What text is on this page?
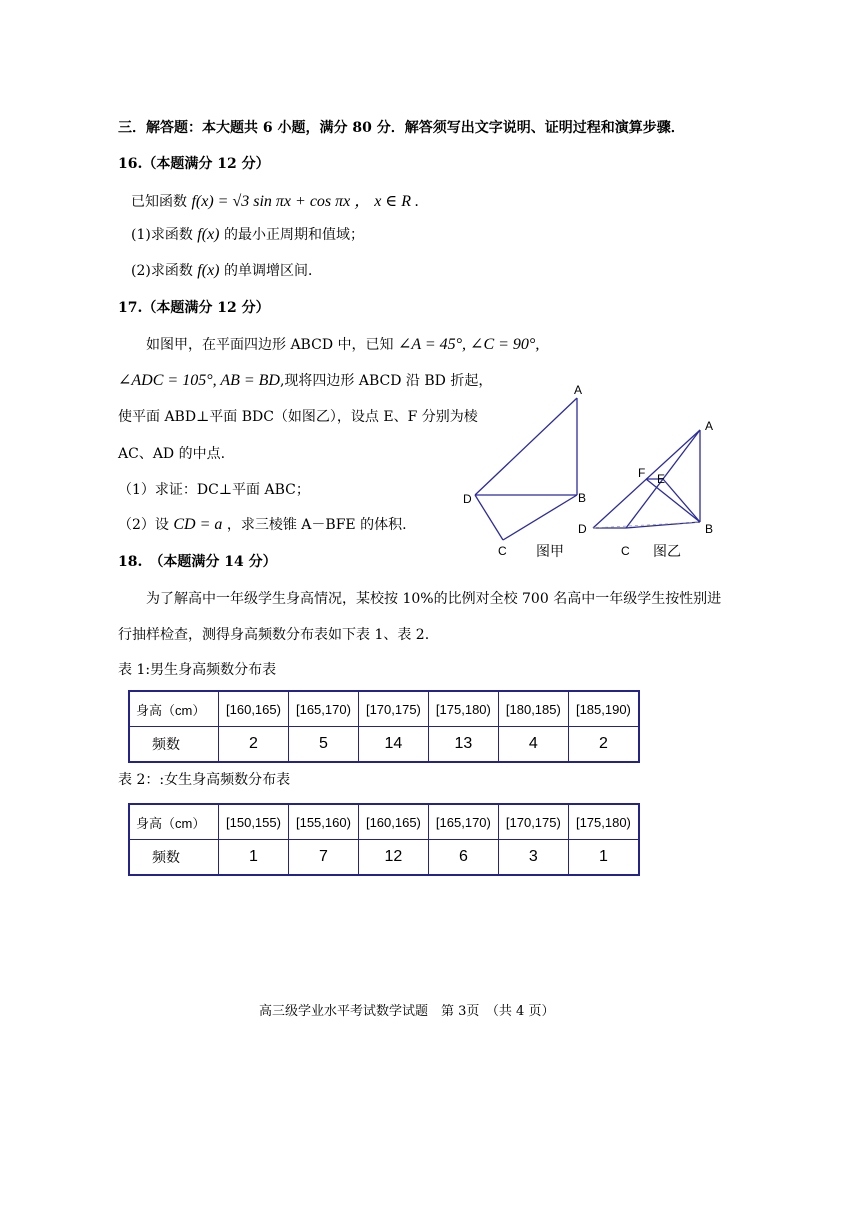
三．解答题：本大题共 6 小题，满分 80 分．解答须写出文字说明、证明过程和演算步骤．
16.（本题满分 12 分）
已知函数 f(x) = √3 sin πx + cos πx ， x ∈ R .
(1)求函数 f(x) 的最小正周期和值域；
(2)求函数 f(x) 的单调增区间．
17.（本题满分 12 分）
如图甲，在平面四边形 ABCD 中，已知 ∠A = 45°, ∠C = 90°,
∠ADC = 105°, AB = BD,现将四边形 ABCD 沿 BD 折起，
使平面 ABD⊥平面 BDC（如图乙），设点 E、F 分别为棱
AC、AD 的中点.
（1）求证：DC⊥平面 ABC；
（2）设 CD = a ，求三棱锥 A－BFE 的体积.
A
B
C
D
图甲
A
B
C
D
E
F
图乙
18.　（本题满分 14 分）
为了解高中一年级学生身高情况，某校按 10%的比例对全校 700 名高中一年级学生按性别进
行抽样检查，测得身高频数分布表如下表 1、表 2.
表 1:男生身高频数分布表
身高（cm）	[160,165)	[165,170)	[170,175)	[175,180)	[180,185)	[185,190)
频数	2	5	14	13	4	2
表 2：:女生身高频数分布表
身高（cm）	[150,155)	[155,160)	[160,165)	[165,170)	[170,175)	[175,180)
频数	1	7	12	6	3	1
高三级学业水平考试数学试题　第 3页　（共 4 页）
